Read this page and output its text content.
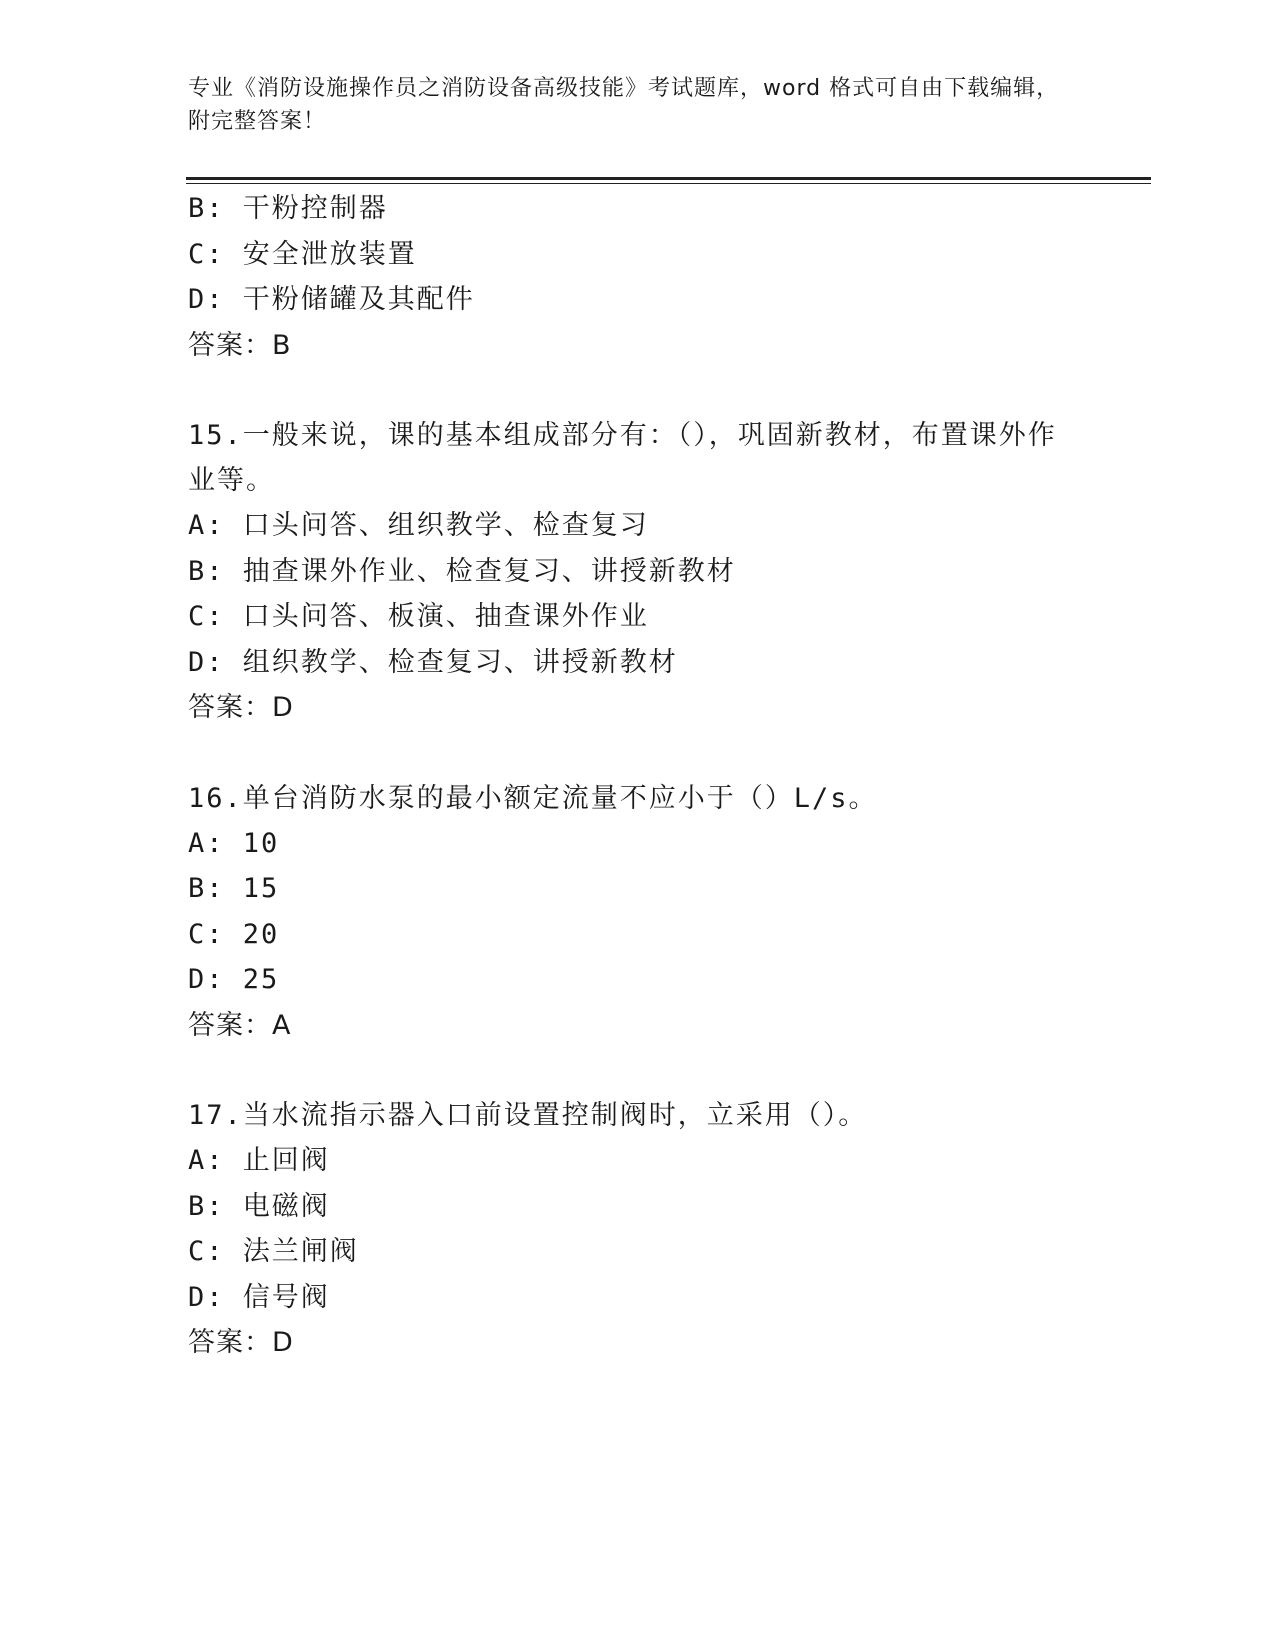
专业《消防设施操作员之消防设备高级技能》考试题库，word 格式可自由下载编辑，附完整答案！
B: 干粉控制器
C: 安全泄放装置
D: 干粉储罐及其配件
答案：B
15.一般来说，课的基本组成部分有：（），巩固新教材，布置课外作业等。
A: 口头问答、组织教学、检查复习
B: 抽查课外作业、检查复习、讲授新教材
C: 口头问答、板演、抽查课外作业
D: 组织教学、检查复习、讲授新教材
答案：D
16.单台消防水泵的最小额定流量不应小于（）L/s。
A: 10
B: 15
C: 20
D: 25
答案：A
17.当水流指示器入口前设置控制阀时，立采用（）。
A: 止回阀
B: 电磁阀
C: 法兰闸阀
D: 信号阀
答案：D
